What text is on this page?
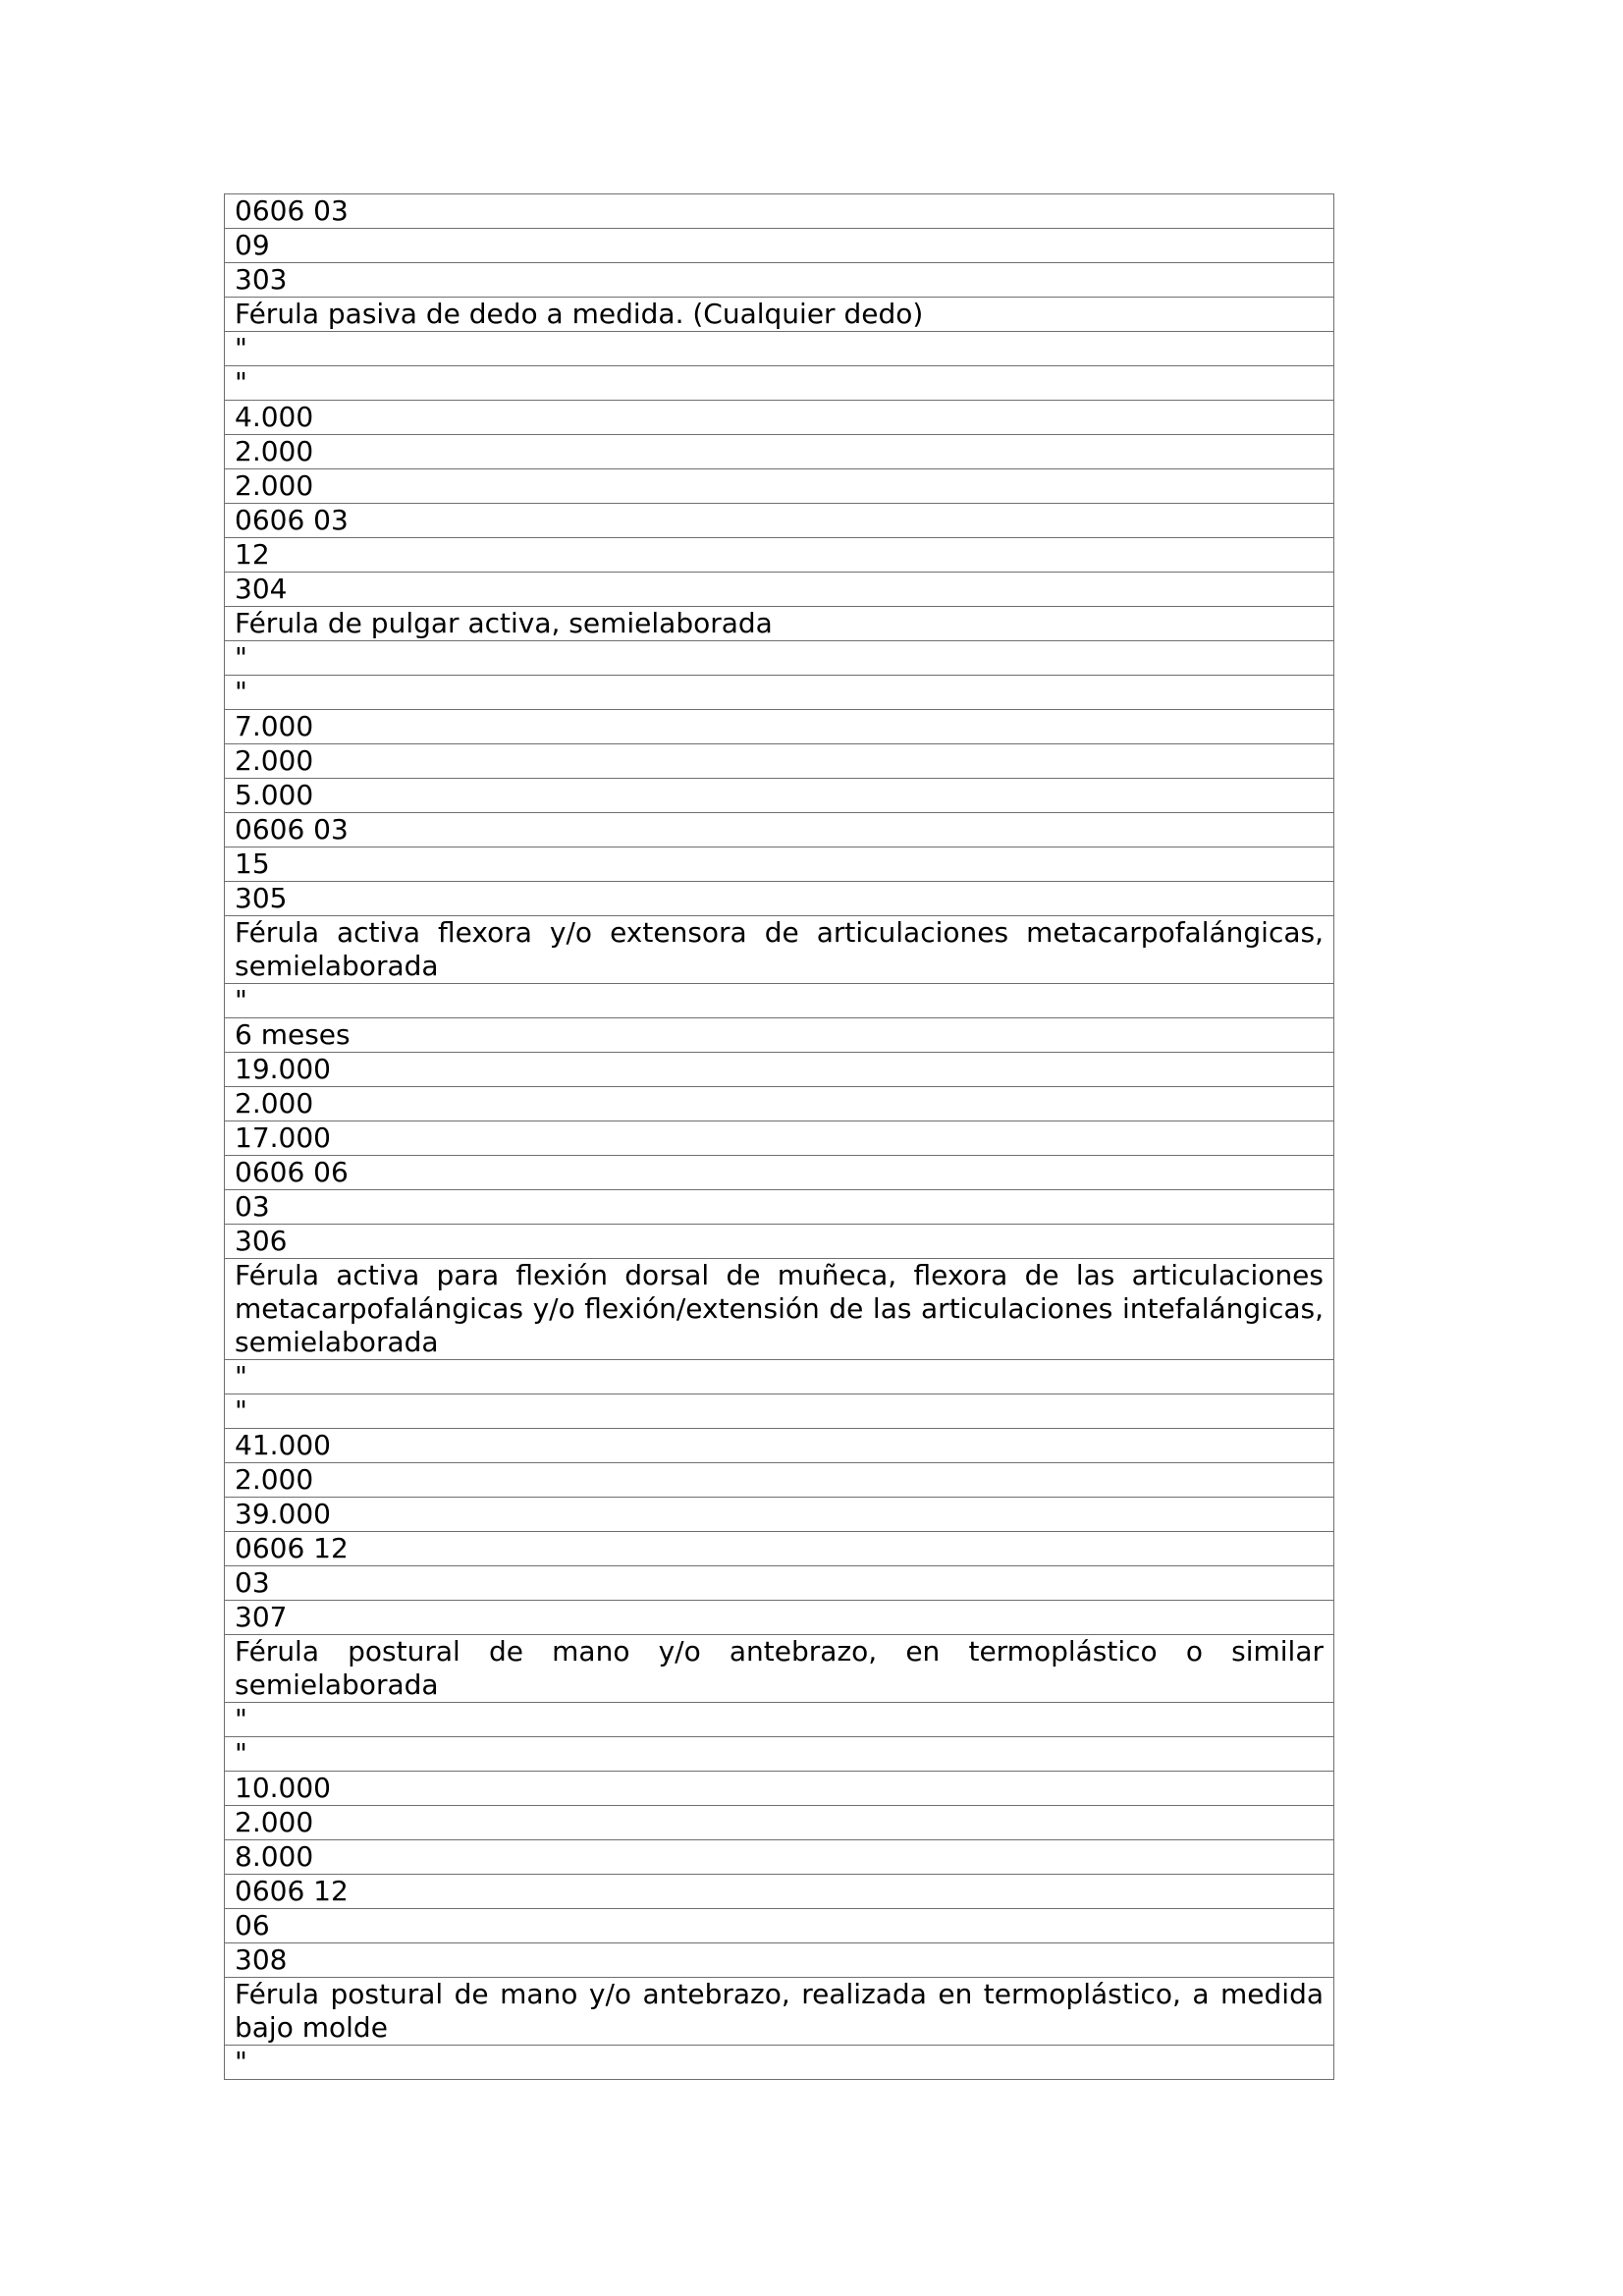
0606 03
09
303
Férula pasiva de dedo a medida. (Cualquier dedo)
"
"
4.000
2.000
2.000
0606 03
12
304
Férula de pulgar activa, semielaborada
"
"
7.000
2.000
5.000
0606 03
15
305
Férula activa flexora y/o extensora de articulaciones metacarpofalángicas, semielaborada
"
6 meses
19.000
2.000
17.000
0606 06
03
306
Férula activa para flexión dorsal de muñeca, flexora de las articulaciones metacarpofalángicas y/o flexión/extensión de las articulaciones intefalángicas, semielaborada
"
"
41.000
2.000
39.000
0606 12
03
307
Férula postural de mano y/o antebrazo, en termoplástico o similar semielaborada
"
"
10.000
2.000
8.000
0606 12
06
308
Férula postural de mano y/o antebrazo, realizada en termoplástico, a medida bajo molde
"
